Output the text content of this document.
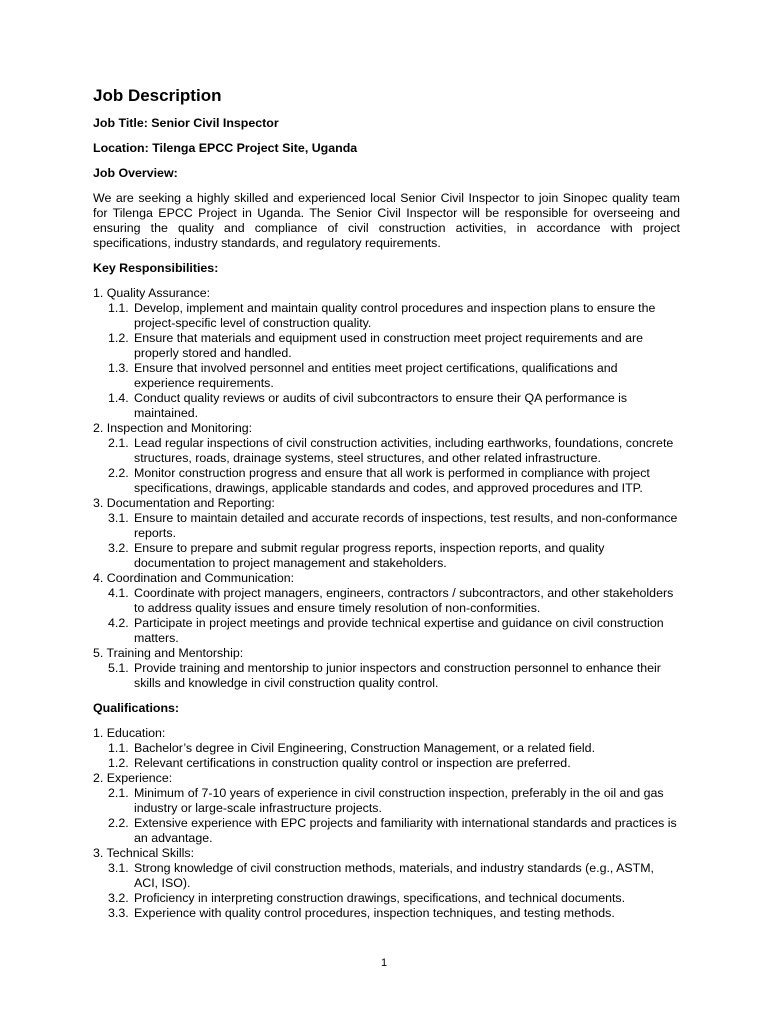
Job Description
Job Title: Senior Civil Inspector
Location: Tilenga EPCC Project Site, Uganda
Job Overview:
We are seeking a highly skilled and experienced local Senior Civil Inspector to join Sinopec quality team for Tilenga EPCC Project in Uganda. The Senior Civil Inspector will be responsible for overseeing and ensuring the quality and compliance of civil construction activities, in accordance with project specifications, industry standards, and regulatory requirements.
Key Responsibilities:
1. Quality Assurance:
1.1. Develop, implement and maintain quality control procedures and inspection plans to ensure the project-specific level of construction quality.
1.2. Ensure that materials and equipment used in construction meet project requirements and are properly stored and handled.
1.3. Ensure that involved personnel and entities meet project certifications, qualifications and experience requirements.
1.4. Conduct quality reviews or audits of civil subcontractors to ensure their QA performance is maintained.
2. Inspection and Monitoring:
2.1. Lead regular inspections of civil construction activities, including earthworks, foundations, concrete structures, roads, drainage systems, steel structures, and other related infrastructure.
2.2. Monitor construction progress and ensure that all work is performed in compliance with project specifications, drawings, applicable standards and codes, and approved procedures and ITP.
3. Documentation and Reporting:
3.1. Ensure to maintain detailed and accurate records of inspections, test results, and non-conformance reports.
3.2. Ensure to prepare and submit regular progress reports, inspection reports, and quality documentation to project management and stakeholders.
4. Coordination and Communication:
4.1. Coordinate with project managers, engineers, contractors / subcontractors, and other stakeholders to address quality issues and ensure timely resolution of non-conformities.
4.2. Participate in project meetings and provide technical expertise and guidance on civil construction matters.
5. Training and Mentorship:
5.1. Provide training and mentorship to junior inspectors and construction personnel to enhance their skills and knowledge in civil construction quality control.
Qualifications:
1. Education:
1.1. Bachelor’s degree in Civil Engineering, Construction Management, or a related field.
1.2. Relevant certifications in construction quality control or inspection are preferred.
2. Experience:
2.1. Minimum of 7-10 years of experience in civil construction inspection, preferably in the oil and gas industry or large-scale infrastructure projects.
2.2. Extensive experience with EPC projects and familiarity with international standards and practices is an advantage.
3. Technical Skills:
3.1. Strong knowledge of civil construction methods, materials, and industry standards (e.g., ASTM, ACI, ISO).
3.2. Proficiency in interpreting construction drawings, specifications, and technical documents.
3.3. Experience with quality control procedures, inspection techniques, and testing methods.
1
